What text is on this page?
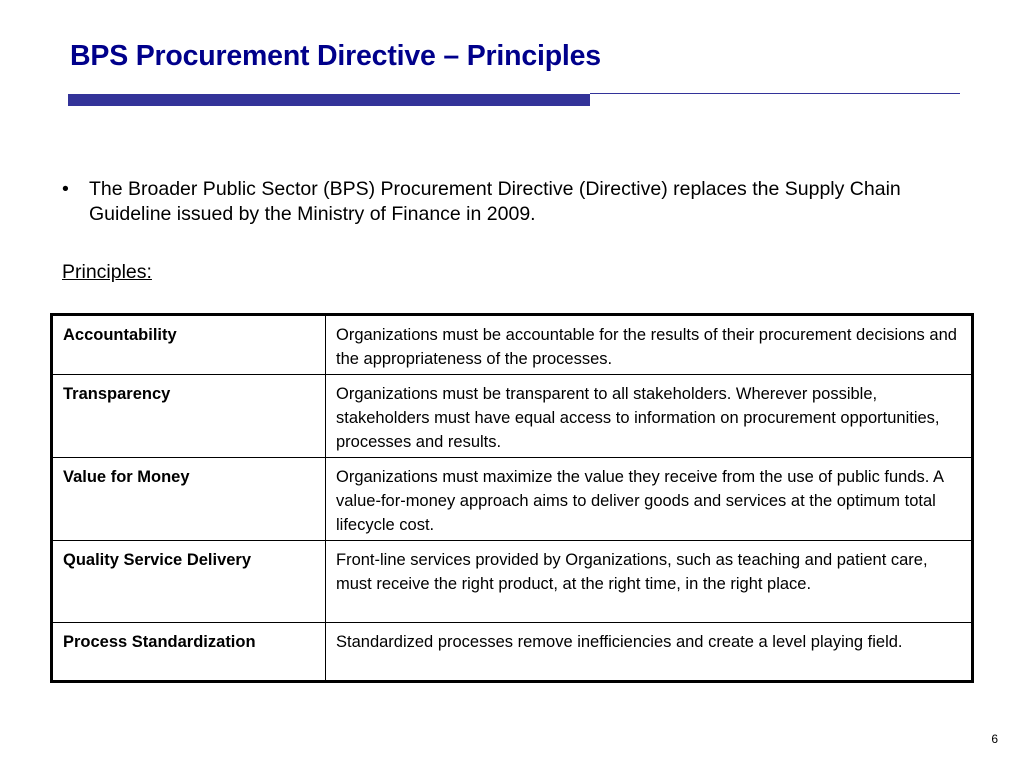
BPS Procurement Directive – Principles
•	The Broader Public Sector (BPS) Procurement Directive (Directive) replaces the Supply Chain Guideline issued by the Ministry of Finance in 2009.
Principles:
Accountability	Organizations must be accountable for the results of their procurement decisions and the appropriateness of the processes.
Transparency	Organizations must be transparent to all stakeholders. Wherever possible, stakeholders must have equal access to information on procurement opportunities, processes and results.
Value for Money	Organizations must maximize the value they receive from the use of public funds. A value-for-money approach aims to deliver goods and services at the optimum total lifecycle cost.
Quality Service Delivery	Front-line services provided by Organizations, such as teaching and patient care, must receive the right product, at the right time, in the right place.
Process Standardization	Standardized processes remove inefficiencies and create a level playing field.
6
